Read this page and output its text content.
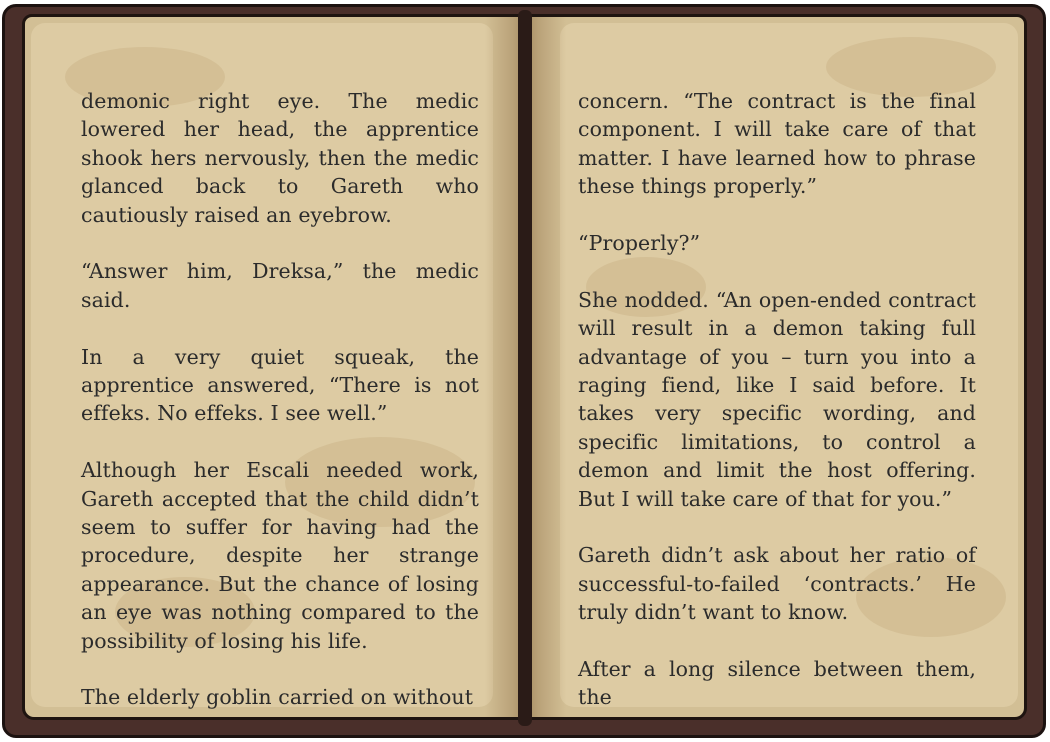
demonic right eye. The medic lowered her head, the apprentice shook hers nervously, then the medic glanced back to Gareth who cautiously raised an eyebrow.

“Answer him, Dreksa,” the medic said.

In a very quiet squeak, the apprentice answered, “There is not effeks. No effeks. I see well.”

Although her Escali needed work, Gareth accepted that the child didn’t seem to suffer for having had the procedure, despite her strange appearance. But the chance of losing an eye was nothing compared to the possibility of losing his life.

The elderly goblin carried on without

concern. “The contract is the final component. I will take care of that matter. I have learned how to phrase these things properly.”

“Properly?”

She nodded. “An open-ended contract will result in a demon taking full advantage of you – turn you into a raging fiend, like I said before. It takes very specific wording, and specific limitations, to control a demon and limit the host offering. But I will take care of that for you.”

Gareth didn’t ask about her ratio of successful-to-failed ‘contracts.’ He truly didn’t want to know.

After a long silence between them, the
